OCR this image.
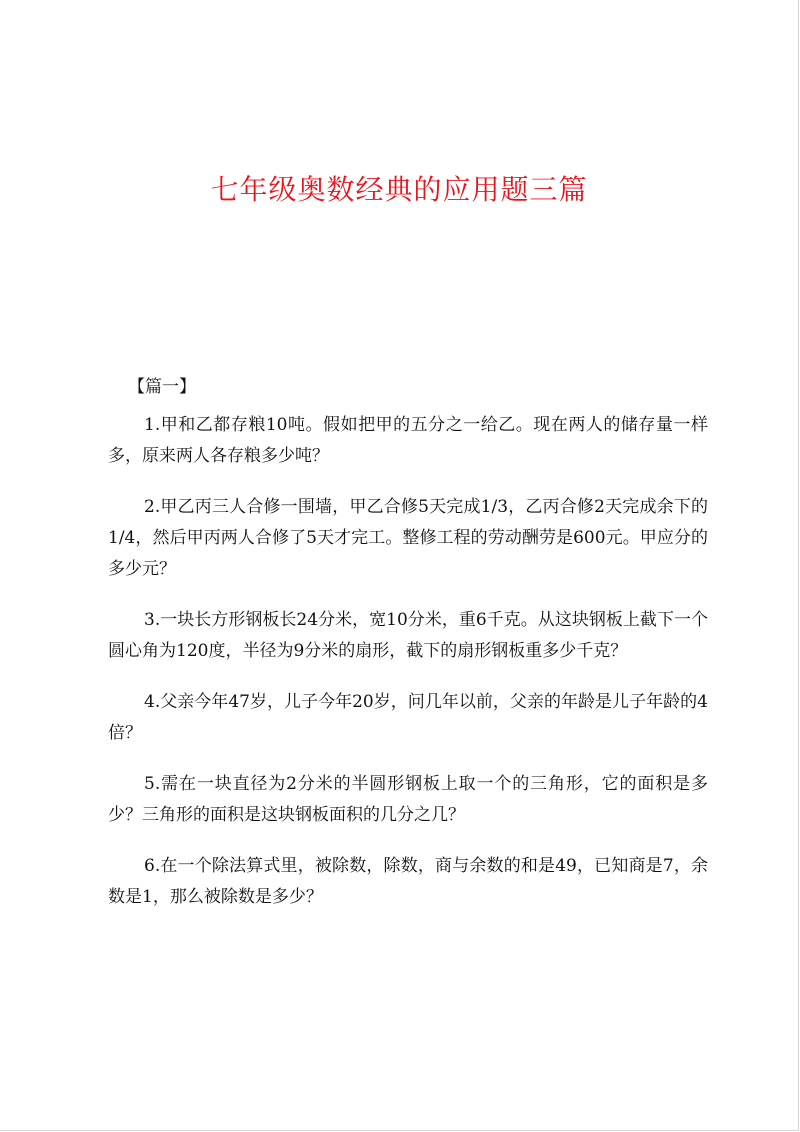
七年级奥数经典的应用题三篇
【篇一】

1.甲和乙都存粮10吨。假如把甲的五分之一给乙。现在两人的储存量一样多，原来两人各存粮多少吨？

2.甲乙丙三人合修一围墙，甲乙合修5天完成1/3，乙丙合修2天完成余下的1/4，然后甲丙两人合修了5天才完工。整修工程的劳动酬劳是600元。甲应分的多少元？

3.一块长方形钢板长24分米，宽10分米，重6千克。从这块钢板上截下一个圆心角为120度，半径为9分米的扇形，截下的扇形钢板重多少千克？

4.父亲今年47岁，儿子今年20岁，问几年以前，父亲的年龄是儿子年龄的4倍？

5.需在一块直径为2分米的半圆形钢板上取一个的三角形，它的面积是多少？三角形的面积是这块钢板面积的几分之几？

6.在一个除法算式里，被除数，除数，商与余数的和是49，已知商是7，余数是1，那么被除数是多少？
